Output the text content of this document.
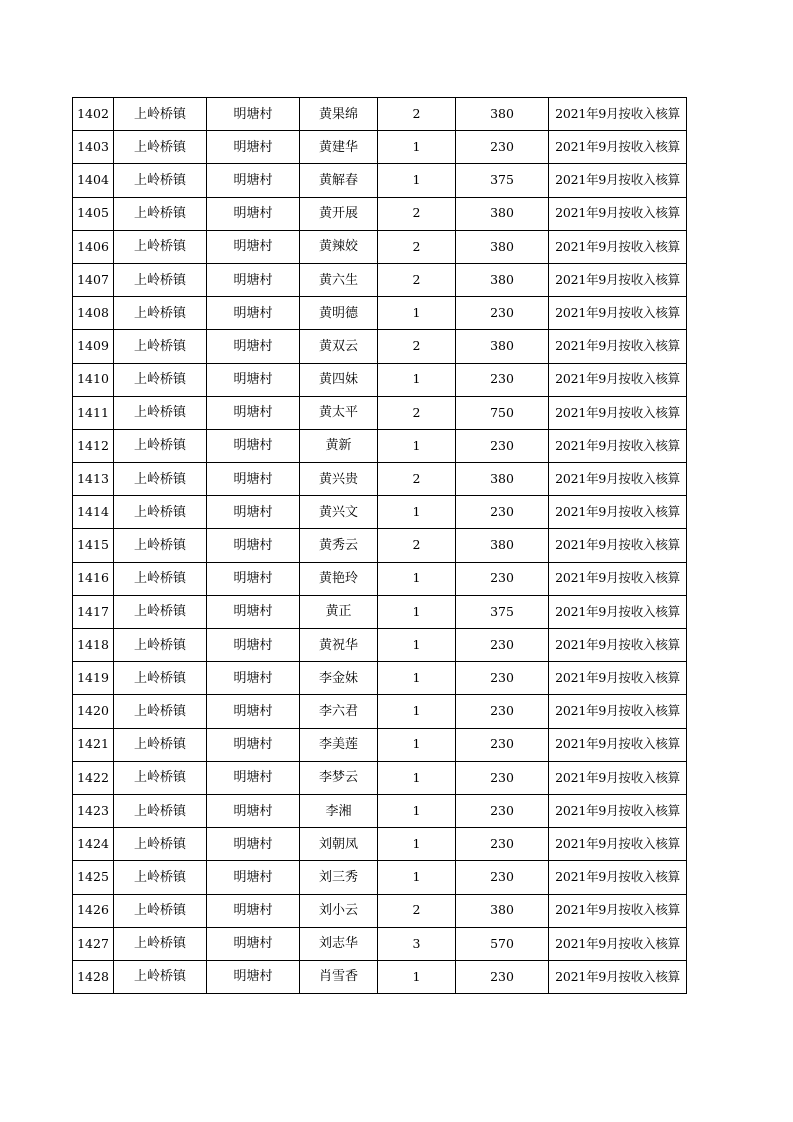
1402	上岭桥镇	明塘村	黄果绵	2	380	2021年9月按收入核算
1403	上岭桥镇	明塘村	黄建华	1	230	2021年9月按收入核算
1404	上岭桥镇	明塘村	黄解春	1	375	2021年9月按收入核算
1405	上岭桥镇	明塘村	黄开展	2	380	2021年9月按收入核算
1406	上岭桥镇	明塘村	黄辣姣	2	380	2021年9月按收入核算
1407	上岭桥镇	明塘村	黄六生	2	380	2021年9月按收入核算
1408	上岭桥镇	明塘村	黄明德	1	230	2021年9月按收入核算
1409	上岭桥镇	明塘村	黄双云	2	380	2021年9月按收入核算
1410	上岭桥镇	明塘村	黄四妹	1	230	2021年9月按收入核算
1411	上岭桥镇	明塘村	黄太平	2	750	2021年9月按收入核算
1412	上岭桥镇	明塘村	黄新	1	230	2021年9月按收入核算
1413	上岭桥镇	明塘村	黄兴贵	2	380	2021年9月按收入核算
1414	上岭桥镇	明塘村	黄兴文	1	230	2021年9月按收入核算
1415	上岭桥镇	明塘村	黄秀云	2	380	2021年9月按收入核算
1416	上岭桥镇	明塘村	黄艳玲	1	230	2021年9月按收入核算
1417	上岭桥镇	明塘村	黄正	1	375	2021年9月按收入核算
1418	上岭桥镇	明塘村	黄祝华	1	230	2021年9月按收入核算
1419	上岭桥镇	明塘村	李金妹	1	230	2021年9月按收入核算
1420	上岭桥镇	明塘村	李六君	1	230	2021年9月按收入核算
1421	上岭桥镇	明塘村	李美莲	1	230	2021年9月按收入核算
1422	上岭桥镇	明塘村	李梦云	1	230	2021年9月按收入核算
1423	上岭桥镇	明塘村	李湘	1	230	2021年9月按收入核算
1424	上岭桥镇	明塘村	刘朝凤	1	230	2021年9月按收入核算
1425	上岭桥镇	明塘村	刘三秀	1	230	2021年9月按收入核算
1426	上岭桥镇	明塘村	刘小云	2	380	2021年9月按收入核算
1427	上岭桥镇	明塘村	刘志华	3	570	2021年9月按收入核算
1428	上岭桥镇	明塘村	肖雪香	1	230	2021年9月按收入核算
